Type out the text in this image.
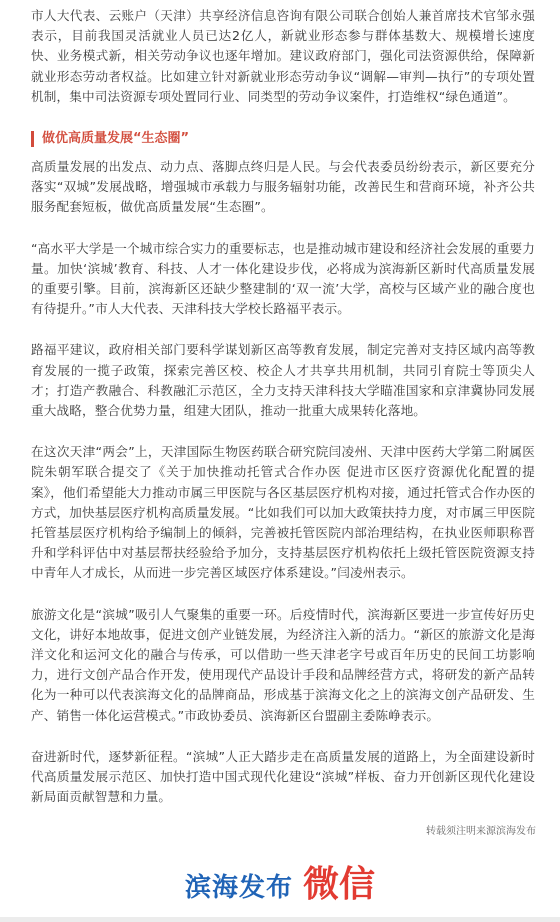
市人大代表、云账户（天津）共享经济信息咨询有限公司联合创始人兼首席技术官邹永强表示，目前我国灵活就业人员已达2亿人，新就业形态参与群体基数大、规模增长速度快、业务模式新，相关劳动争议也逐年增加。建议政府部门，强化司法资源供给，保障新就业形态劳动者权益。比如建立针对新就业形态劳动争议“调解—审判—执行”的专项处置机制，集中司法资源专项处置同行业、同类型的劳动争议案件，打造维权“绿色通道”。

做优高质量发展“生态圈”

高质量发展的出发点、动力点、落脚点终归是人民。与会代表委员纷纷表示，新区要充分落实“双城”发展战略，增强城市承载力与服务辐射功能，改善民生和营商环境，补齐公共服务配套短板，做优高质量发展“生态圈”。

“高水平大学是一个城市综合实力的重要标志，也是推动城市建设和经济社会发展的重要力量。加快‘滨城’教育、科技、人才一体化建设步伐，必将成为滨海新区新时代高质量发展的重要引擎。目前，滨海新区还缺少整建制的‘双一流’大学，高校与区域产业的融合度也有待提升。”市人大代表、天津科技大学校长路福平表示。

路福平建议，政府相关部门要科学谋划新区高等教育发展，制定完善对支持区域内高等教育发展的一揽子政策，探索完善区校、校企人才共享共用机制，共同引育院士等顶尖人才；打造产教融合、科教融汇示范区，全力支持天津科技大学瞄准国家和京津冀协同发展重大战略，整合优势力量，组建大团队，推动一批重大成果转化落地。

在这次天津“两会”上，天津国际生物医药联合研究院闫凌州、天津中医药大学第二附属医院朱朝军联合提交了《关于加快推动托管式合作办医 促进市区医疗资源优化配置的提案》，他们希望能大力推动市属三甲医院与各区基层医疗机构对接，通过托管式合作办医的方式，加快基层医疗机构高质量发展。“比如我们可以加大政策扶持力度，对市属三甲医院托管基层医疗机构给予编制上的倾斜，完善被托管医院内部治理结构，在执业医师职称晋升和学科评估中对基层帮扶经验给予加分，支持基层医疗机构依托上级托管医院资源支持中青年人才成长，从而进一步完善区域医疗体系建设。”闫凌州表示。

旅游文化是“滨城”吸引人气聚集的重要一环。后疫情时代，滨海新区要进一步宣传好历史文化，讲好本地故事，促进文创产业链发展，为经济注入新的活力。“新区的旅游文化是海洋文化和运河文化的融合与传承，可以借助一些天津老字号或百年历史的民间工坊影响力，进行文创产品合作开发，使用现代产品设计手段和品牌经营方式，将研发的新产品转化为一种可以代表滨海文化的品牌商品，形成基于滨海文化之上的滨海文创产品研发、生产、销售一体化运营模式。”市政协委员、滨海新区台盟副主委陈峥表示。

奋进新时代，逐梦新征程。“滨城”人正大踏步走在高质量发展的道路上，为全面建设新时代高质量发展示范区、加快打造中国式现代化建设“滨城”样板、奋力开创新区现代化建设新局面贡献智慧和力量。

转载须注明来源滨海发布
滨海发布 微信
